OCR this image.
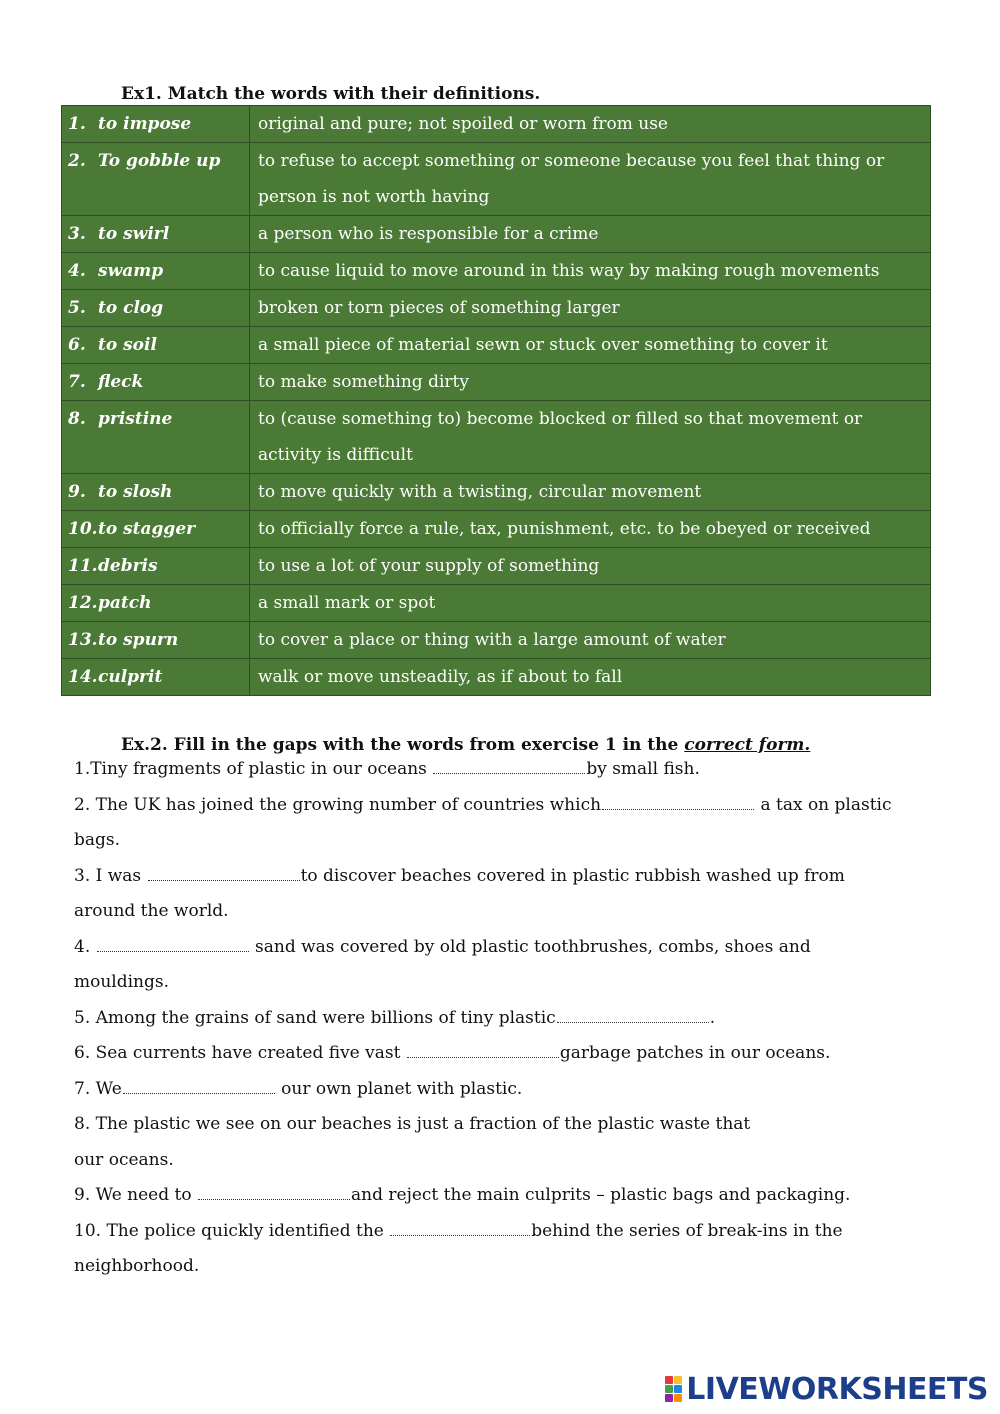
Ex1. Match the words with their definitions.
1. to impose	original and pure; not spoiled or worn from use
2. To gobble up	to refuse to accept something or someone because you feel that thing or person is not worth having
3. to swirl	a person who is responsible for a crime
4. swamp	to cause liquid to move around in this way by making rough movements
5. to clog	broken or torn pieces of something larger
6. to soil	a small piece of material sewn or stuck over something to cover it
7. fleck	to make something dirty
8. pristine	to (cause something to) become blocked or filled so that movement or activity is difficult
9. to slosh	to move quickly with a twisting, circular movement
10.to stagger	to officially force a rule, tax, punishment, etc. to be obeyed or received
11.debris	to use a lot of your supply of something
12.patch	a small mark or spot
13.to spurn	to cover a place or thing with a large amount of water
14.culprit	walk or move unsteadily, as if about to fall
Ex.2. Fill in the gaps with the words from exercise 1 in the correct form.
1.Tiny fragments of plastic in our oceans	by small fish.
2. The UK has joined the growing number of countries which	a tax on plastic bags.
3. I was	to discover beaches covered in plastic rubbish washed up from around the world.
4.	sand was covered by old plastic toothbrushes, combs, shoes and mouldings.
5. Among the grains of sand were billions of tiny plastic	.
6. Sea currents have created five vast	garbage patches in our oceans.
7. We	our own planet with plastic.
8. The plastic we see on our beaches is just a fraction of the plastic waste that
our oceans.
9. We need to	and reject the main culprits – plastic bags and packaging.
10. The police quickly identified the	behind the series of break-ins in the neighborhood.
LIVEWORKSHEETS
